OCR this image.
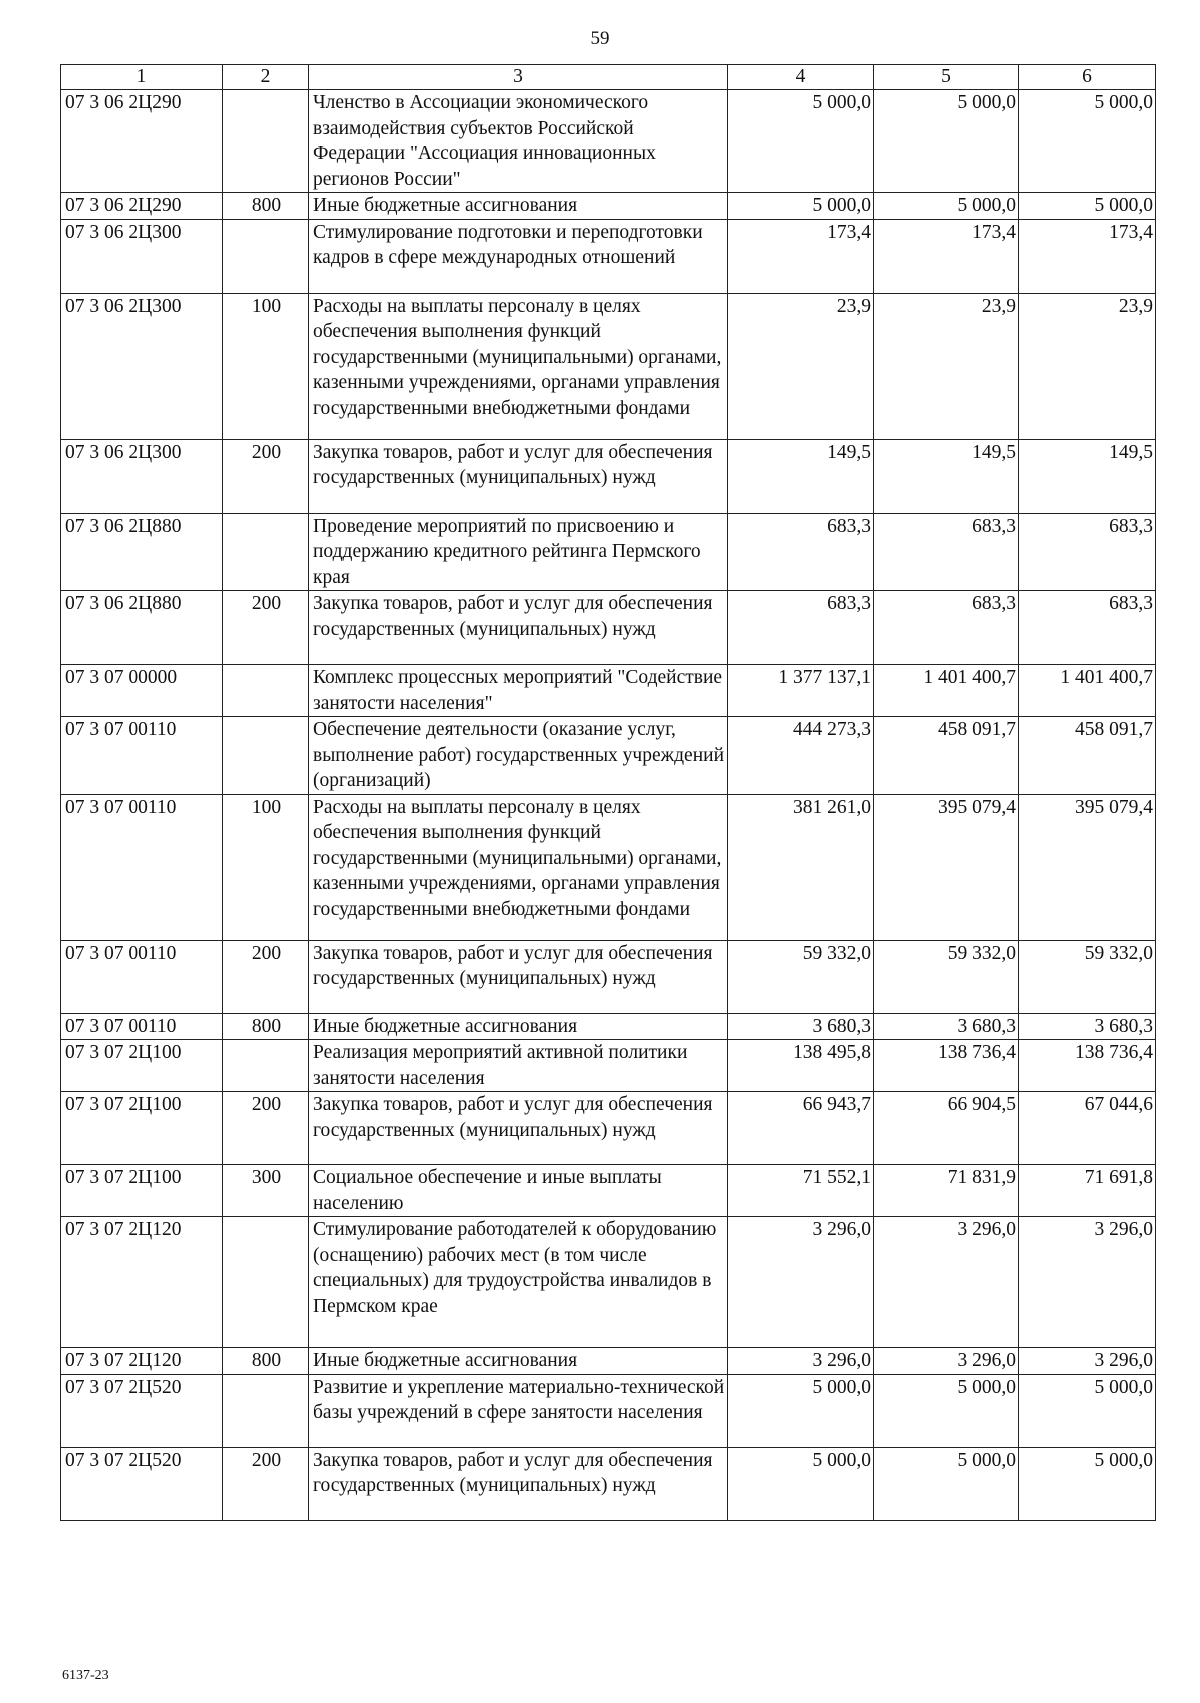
59
1	2	3	4	5	6
07 3 06 2Ц290		Членство в Ассоциации экономического взаимодействия субъектов Российской Федерации "Ассоциация инновационных регионов России"	5 000,0	5 000,0	5 000,0
07 3 06 2Ц290	800	Иные бюджетные ассигнования	5 000,0	5 000,0	5 000,0
07 3 06 2Ц300		Стимулирование подготовки и переподготовки кадров в сфере международных отношений	173,4	173,4	173,4
07 3 06 2Ц300	100	Расходы на выплаты персоналу в целях обеспечения выполнения функций государственными (муниципальными) органами, казенными учреждениями, органами управления государственными внебюджетными фондами	23,9	23,9	23,9
07 3 06 2Ц300	200	Закупка товаров, работ и услуг для обеспечения государственных (муниципальных) нужд	149,5	149,5	149,5
07 3 06 2Ц880		Проведение мероприятий по присвоению и поддержанию кредитного рейтинга Пермского края	683,3	683,3	683,3
07 3 06 2Ц880	200	Закупка товаров, работ и услуг для обеспечения государственных (муниципальных) нужд	683,3	683,3	683,3
07 3 07 00000		Комплекс процессных мероприятий "Содействие занятости населения"	1 377 137,1	1 401 400,7	1 401 400,7
07 3 07 00110		Обеспечение деятельности (оказание услуг, выполнение работ) государственных учреждений (организаций)	444 273,3	458 091,7	458 091,7
07 3 07 00110	100	Расходы на выплаты персоналу в целях обеспечения выполнения функций государственными (муниципальными) органами, казенными учреждениями, органами управления государственными внебюджетными фондами	381 261,0	395 079,4	395 079,4
07 3 07 00110	200	Закупка товаров, работ и услуг для обеспечения государственных (муниципальных) нужд	59 332,0	59 332,0	59 332,0
07 3 07 00110	800	Иные бюджетные ассигнования	3 680,3	3 680,3	3 680,3
07 3 07 2Ц100		Реализация мероприятий активной политики занятости населения	138 495,8	138 736,4	138 736,4
07 3 07 2Ц100	200	Закупка товаров, работ и услуг для обеспечения государственных (муниципальных) нужд	66 943,7	66 904,5	67 044,6
07 3 07 2Ц100	300	Социальное обеспечение и иные выплаты населению	71 552,1	71 831,9	71 691,8
07 3 07 2Ц120		Стимулирование работодателей к оборудованию (оснащению) рабочих мест (в том числе специальных) для трудоустройства инвалидов в Пермском крае	3 296,0	3 296,0	3 296,0
07 3 07 2Ц120	800	Иные бюджетные ассигнования	3 296,0	3 296,0	3 296,0
07 3 07 2Ц520		Развитие и укрепление материально-технической базы учреждений в сфере занятости населения	5 000,0	5 000,0	5 000,0
07 3 07 2Ц520	200	Закупка товаров, работ и услуг для обеспечения государственных (муниципальных) нужд	5 000,0	5 000,0	5 000,0
6137-23
